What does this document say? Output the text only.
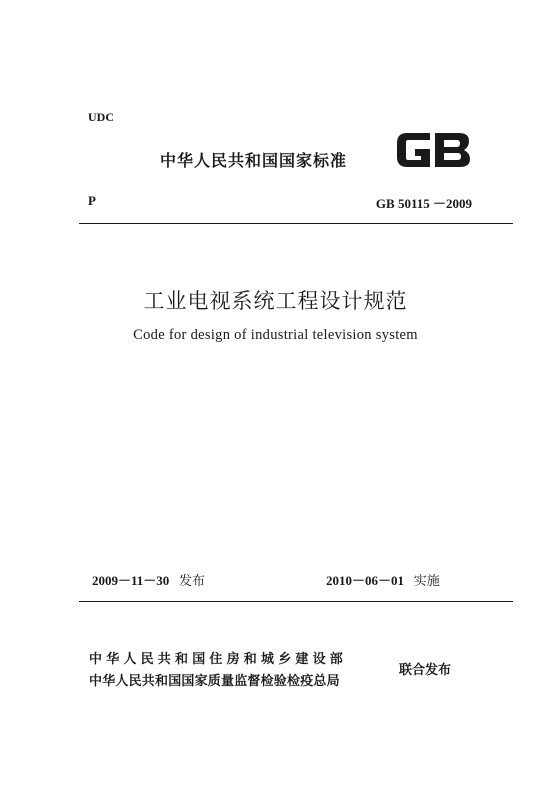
UDC
中华人民共和国国家标准
P	GB 50115 －2009
工业电视系统工程设计规范
Code for design of industrial television system
2009－11－30 发布	2010－06－01 实施
中华人民共和国住房和城乡建设部
中华人民共和国国家质量监督检验检疫总局
联合发布
